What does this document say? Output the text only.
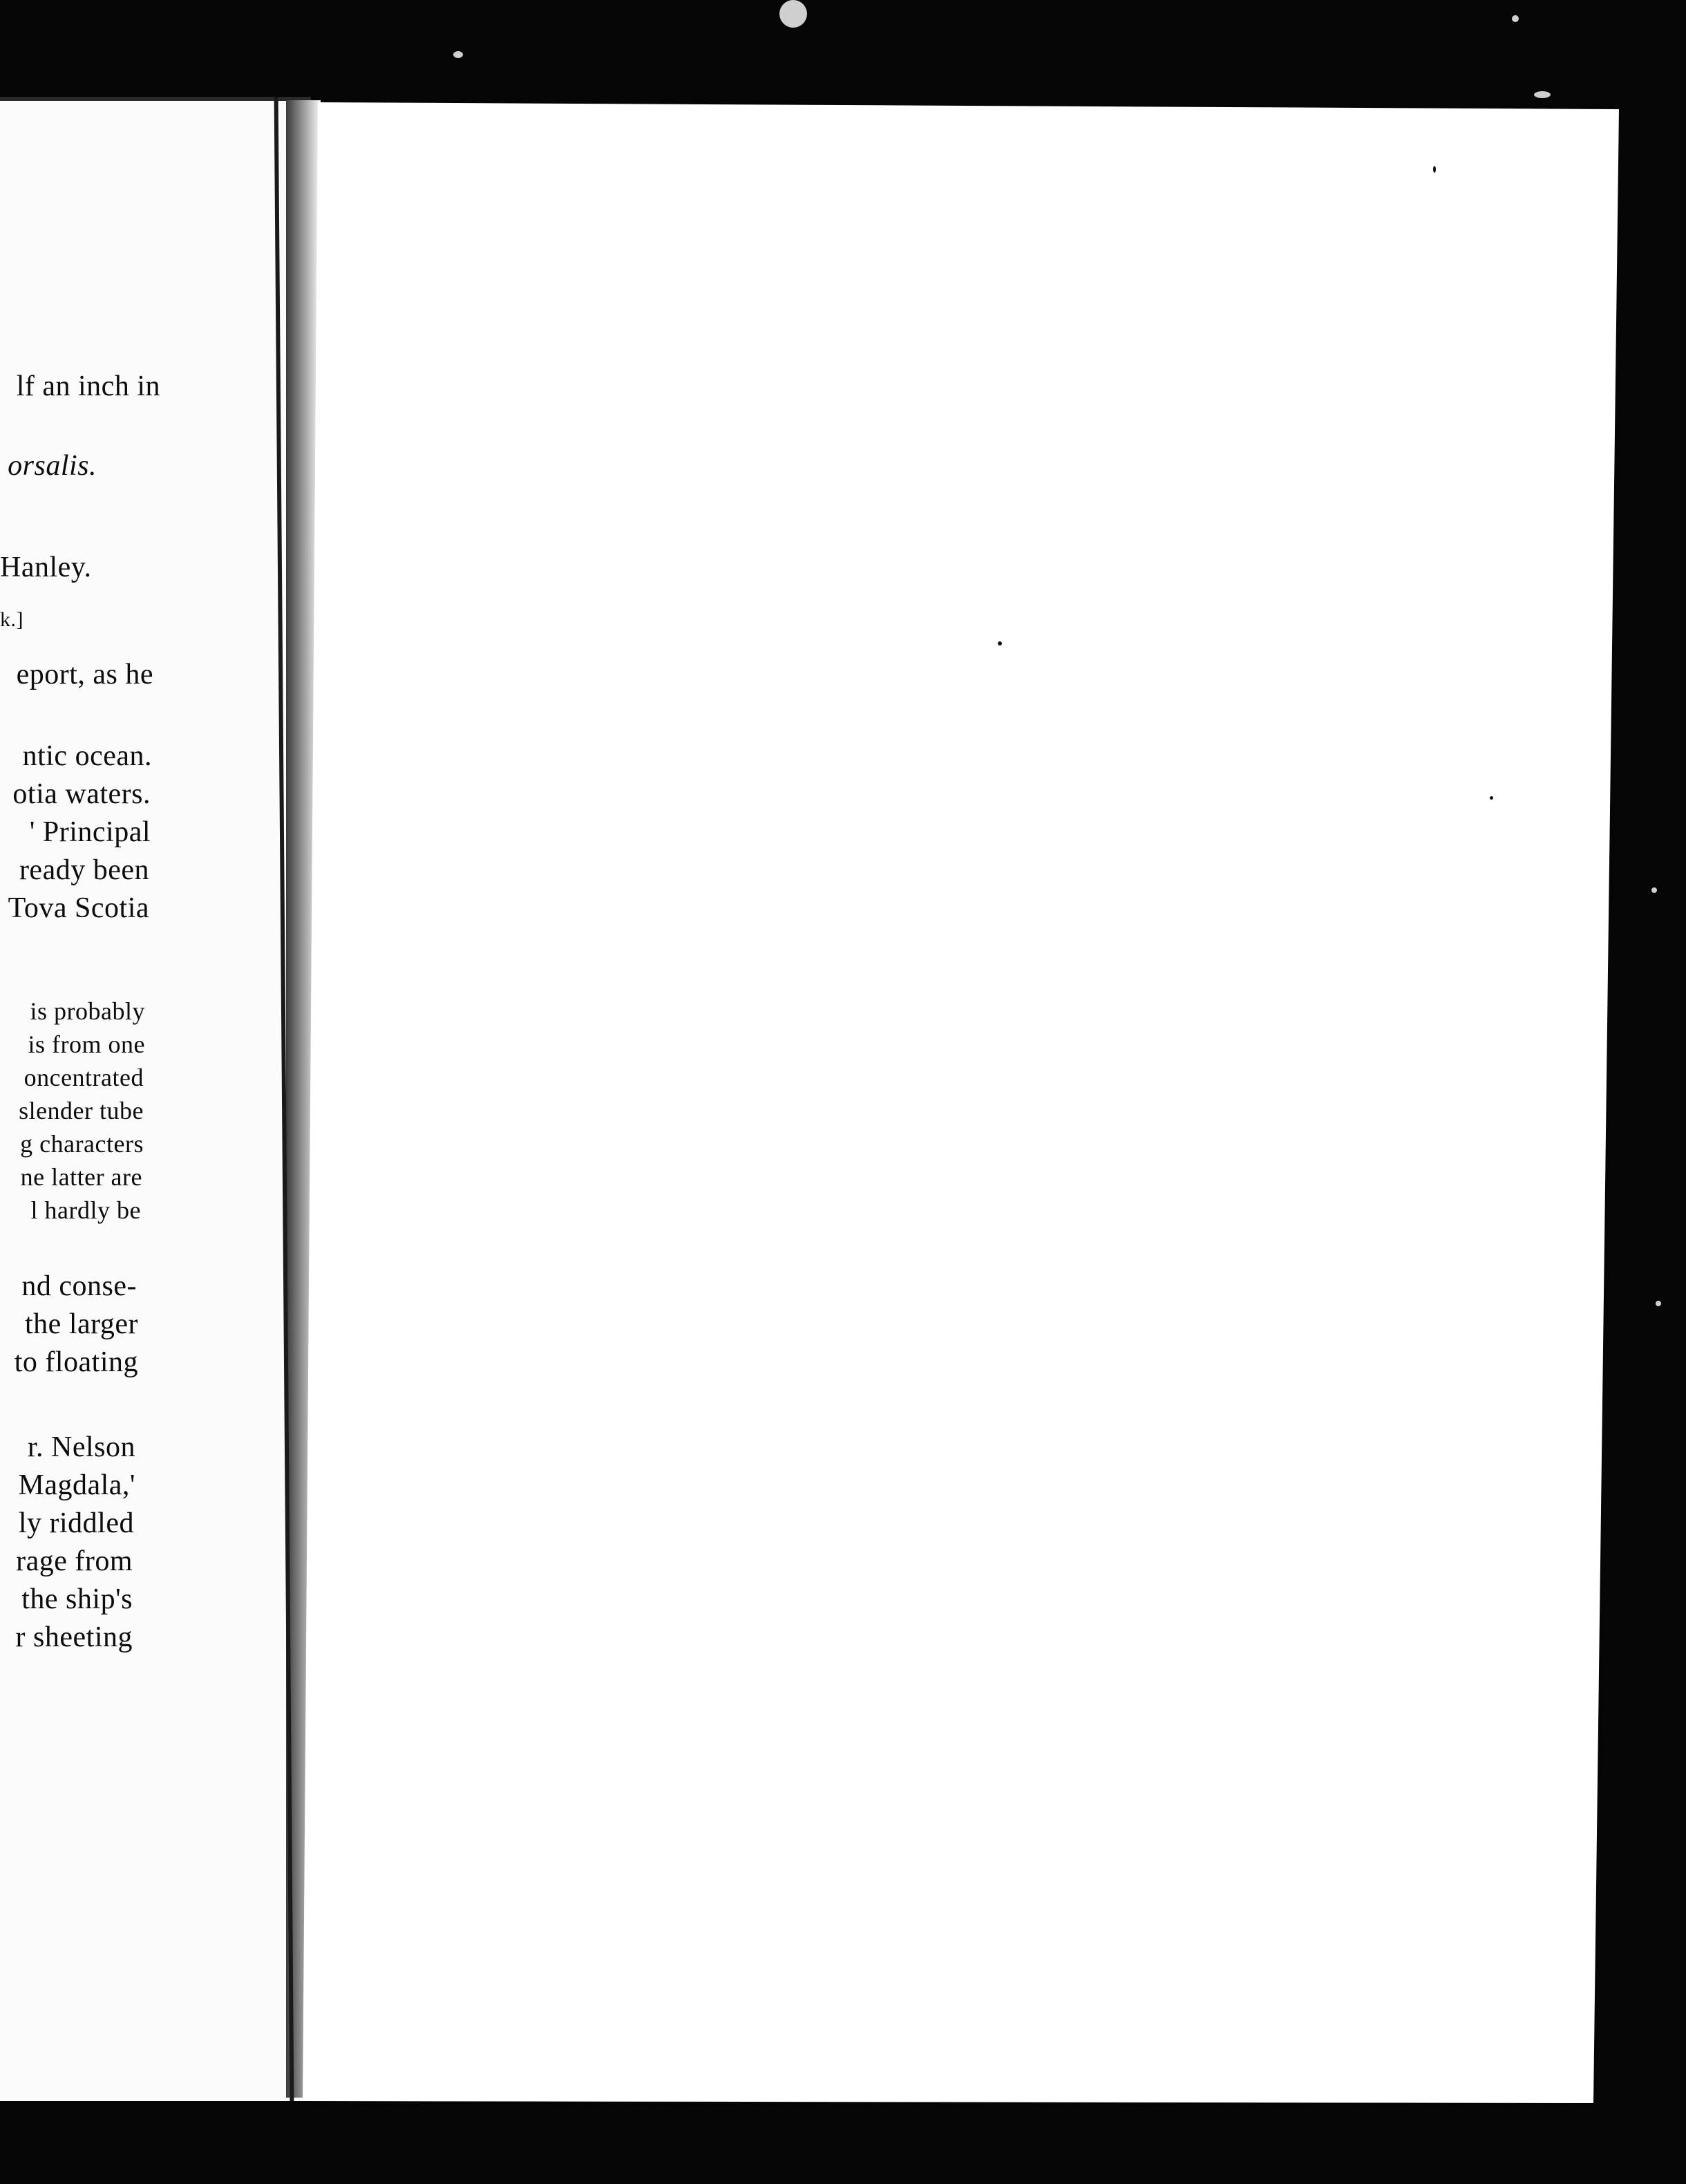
lf an inch in
orsalis.
Hanley.
k.]
eport, as he
ntic ocean.
otia waters.
' Principal
ready been
Tova Scotia
is probably
is from one
oncentrated
slender tube
g characters
ne latter are
l hardly be
nd conse-
the larger
to floating
r. Nelson
Magdala,'
ly riddled
rage from
the ship's
r sheeting
